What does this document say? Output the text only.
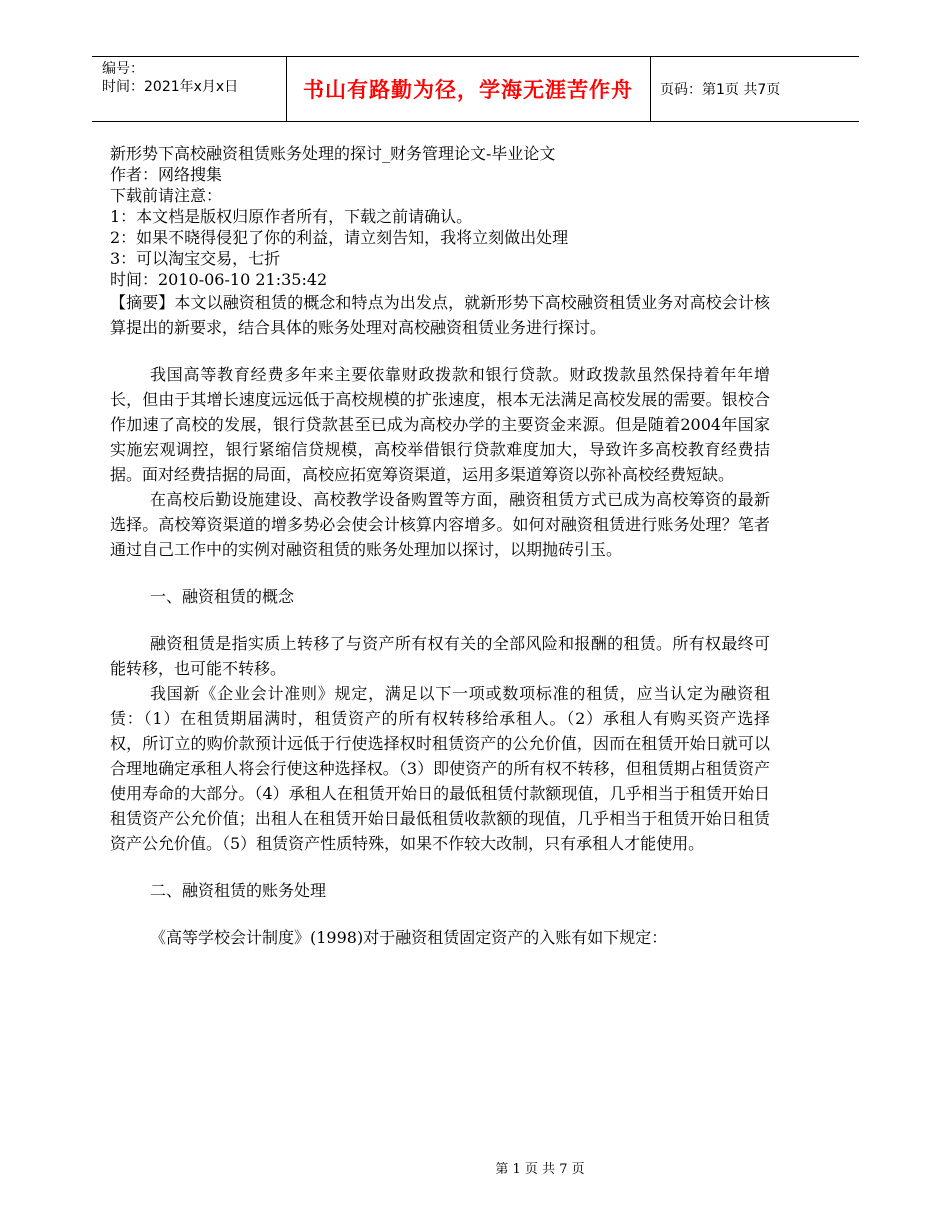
编号：
时间：2021年x月x日	书山有路勤为径，学海无涯苦作舟	页码：第1页 共7页
新形势下高校融资租赁账务处理的探讨_财务管理论文-毕业论文
作者：网络搜集
下载前请注意：
1：本文档是版权归原作者所有，下载之前请确认。
2：如果不晓得侵犯了你的利益，请立刻告知，我将立刻做出处理
3：可以淘宝交易，七折
时间：2010-06-10 21:35:42

【摘要】本文以融资租赁的概念和特点为出发点，就新形势下高校融资租赁业务对高校会计核算提出的新要求，结合具体的账务处理对高校融资租赁业务进行探讨。

我国高等教育经费多年来主要依靠财政拨款和银行贷款。财政拨款虽然保持着年年增长，但由于其增长速度远远低于高校规模的扩张速度，根本无法满足高校发展的需要。银校合作加速了高校的发展，银行贷款甚至已成为高校办学的主要资金来源。但是随着2004年国家实施宏观调控，银行紧缩信贷规模，高校举借银行贷款难度加大，导致许多高校教育经费拮据。面对经费拮据的局面，高校应拓宽筹资渠道，运用多渠道筹资以弥补高校经费短缺。

在高校后勤设施建设、高校教学设备购置等方面，融资租赁方式已成为高校筹资的最新选择。高校筹资渠道的增多势必会使会计核算内容增多。如何对融资租赁进行账务处理？笔者通过自己工作中的实例对融资租赁的账务处理加以探讨，以期抛砖引玉。

一、融资租赁的概念

融资租赁是指实质上转移了与资产所有权有关的全部风险和报酬的租赁。所有权最终可能转移，也可能不转移。

我国新《企业会计准则》规定，满足以下一项或数项标准的租赁，应当认定为融资租赁：（1）在租赁期届满时，租赁资产的所有权转移给承租人。（2）承租人有购买资产选择权，所订立的购价款预计远低于行使选择权时租赁资产的公允价值，因而在租赁开始日就可以合理地确定承租人将会行使这种选择权。（3）即使资产的所有权不转移，但租赁期占租赁资产使用寿命的大部分。（4）承租人在租赁开始日的最低租赁付款额现值，几乎相当于租赁开始日租赁资产公允价值；出租人在租赁开始日最低租赁收款额的现值，几乎相当于租赁开始日租赁资产公允价值。（5）租赁资产性质特殊，如果不作较大改制，只有承租人才能使用。

二、融资租赁的账务处理

《高等学校会计制度》(1998)对于融资租赁固定资产的入账有如下规定：

第 1 页 共 7 页
